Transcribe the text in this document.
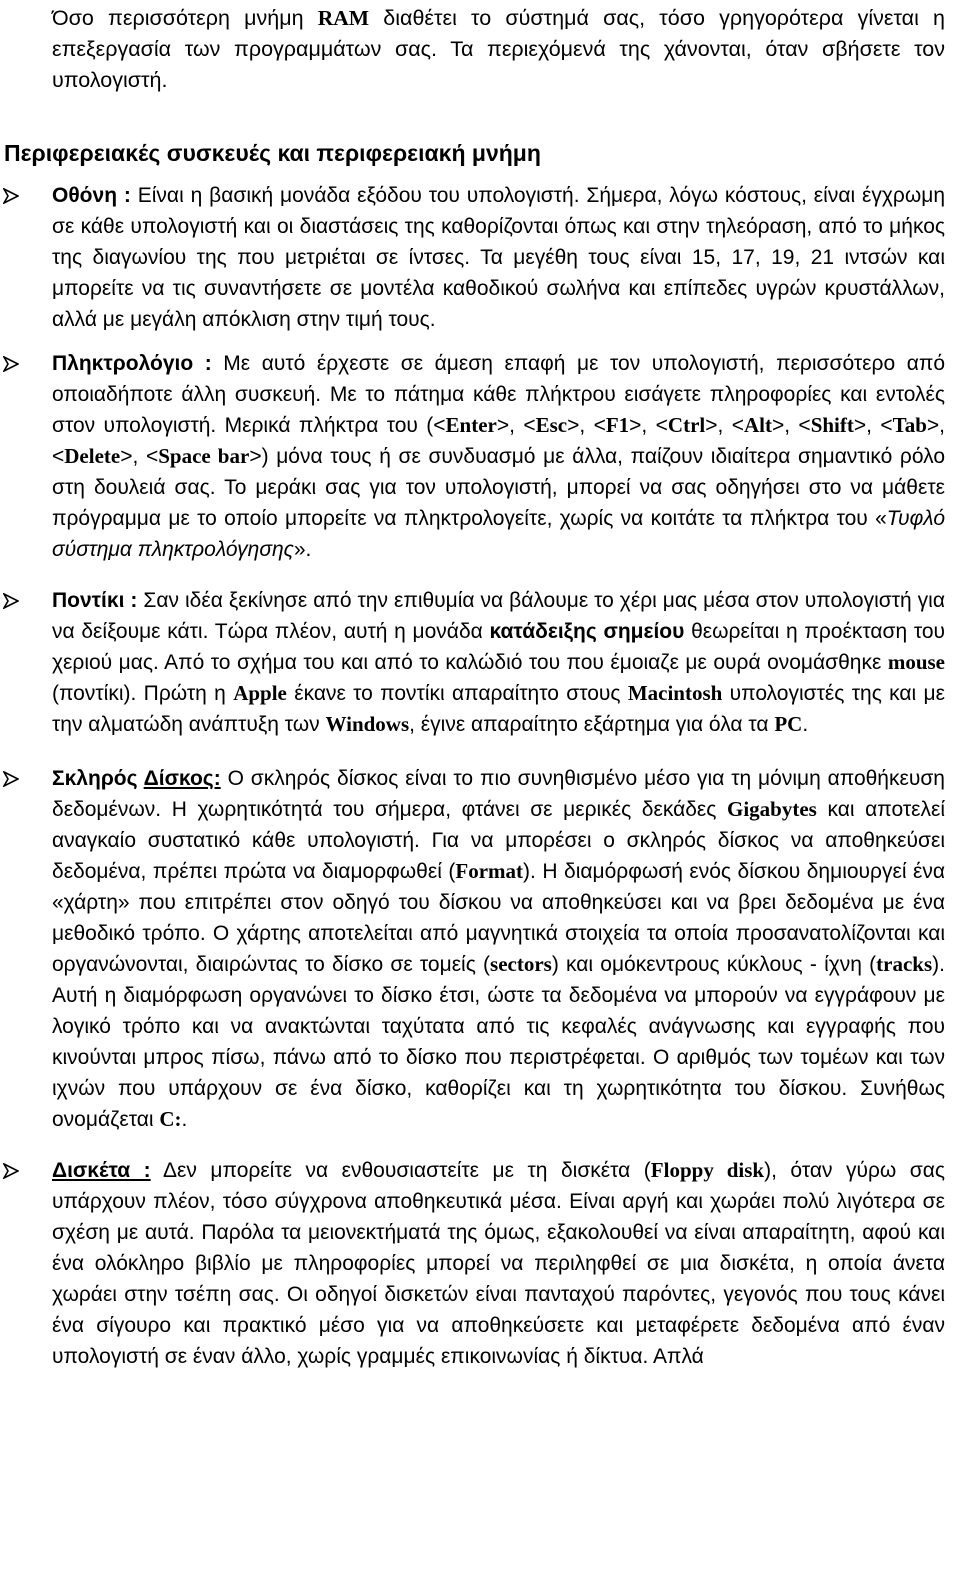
Όσο περισσότερη μνήμη RAM διαθέτει το σύστημά σας, τόσο γρηγορότερα γίνεται η επεξεργασία των προγραμμάτων σας. Τα περιεχόμενά της χάνονται, όταν σβήσετε τον υπολογιστή.

Περιφερειακές συσκευές και περιφερειακή μνήμη

Οθόνη : Είναι η βασική μονάδα εξόδου του υπολογιστή. Σήμερα, λόγω κόστους, είναι έγχρωμη σε κάθε υπολογιστή και οι διαστάσεις της καθορίζονται όπως και στην τηλεόραση, από το μήκος της διαγωνίου της που μετριέται σε ίντσες. Τα μεγέθη τους είναι 15, 17, 19, 21 ιντσών και μπορείτε να τις συναντήσετε σε μοντέλα καθοδικού σωλήνα και επίπεδες υγρών κρυστάλλων, αλλά με μεγάλη απόκλιση στην τιμή τους.
Πληκτρολόγιο : Με αυτό έρχεστε σε άμεση επαφή με τον υπολογιστή, περισσότερο από οποιαδήποτε άλλη συσκευή. Με το πάτημα κάθε πλήκτρου εισάγετε πληροφορίες και εντολές στον υπολογιστή. Μερικά πλήκτρα του (<Enter>, <Esc>, <F1>, <Ctrl>, <Alt>, <Shift>, <Tab>, <Delete>, <Space bar>) μόνα τους ή σε συνδυασμό με άλλα, παίζουν ιδιαίτερα σημαντικό ρόλο στη δουλειά σας. Το μεράκι σας για τον υπολογιστή, μπορεί να σας οδηγήσει στο να μάθετε πρόγραμμα με το οποίο μπορείτε να πληκτρολογείτε, χωρίς να κοιτάτε τα πλήκτρα του «Τυφλό σύστημα πληκτρολόγησης».
Ποντίκι : Σαν ιδέα ξεκίνησε από την επιθυμία να βάλουμε το χέρι μας μέσα στον υπολογιστή για να δείξουμε κάτι. Τώρα πλέον, αυτή η μονάδα κατάδειξης σημείου θεωρείται η προέκταση του χεριού μας. Από το σχήμα του και από το καλώδιό του που έμοιαζε με ουρά ονομάσθηκε mouse (ποντίκι). Πρώτη η Apple έκανε το ποντίκι απαραίτητο στους Macintosh υπολογιστές της και με την αλματώδη ανάπτυξη των Windows, έγινε απαραίτητο εξάρτημα για όλα τα PC.
Σκληρός Δίσκος: Ο σκληρός δίσκος είναι το πιο συνηθισμένο μέσο για τη μόνιμη αποθήκευση δεδομένων. Η χωρητικότητά του σήμερα, φτάνει σε μερικές δεκάδες Gigabytes και αποτελεί αναγκαίο συστατικό κάθε υπολογιστή. Για να μπορέσει ο σκληρός δίσκος να αποθηκεύσει δεδομένα, πρέπει πρώτα να διαμορφωθεί (Format). Η διαμόρφωσή ενός δίσκου δημιουργεί ένα «χάρτη» που επιτρέπει στον οδηγό του δίσκου να αποθηκεύσει και να βρει δεδομένα με ένα μεθοδικό τρόπο. Ο χάρτης αποτελείται από μαγνητικά στοιχεία τα οποία προσανατολίζονται και οργανώνονται, διαιρώντας το δίσκο σε τομείς (sectors) και ομόκεντρους κύκλους - ίχνη (tracks). Αυτή η διαμόρφωση οργανώνει το δίσκο έτσι, ώστε τα δεδομένα να μπορούν να εγγράφουν με λογικό τρόπο και να ανακτώνται ταχύτατα από τις κεφαλές ανάγνωσης και εγγραφής που κινούνται μπρος πίσω, πάνω από το δίσκο που περιστρέφεται. Ο αριθμός των τομέων και των ιχνών που υπάρχουν σε ένα δίσκο, καθορίζει και τη χωρητικότητα του δίσκου. Συνήθως ονομάζεται C:.
Δισκέτα : Δεν μπορείτε να ενθουσιαστείτε με τη δισκέτα (Floppy disk), όταν γύρω σας υπάρχουν πλέον, τόσο σύγχρονα αποθηκευτικά μέσα. Είναι αργή και χωράει πολύ λιγότερα σε σχέση με αυτά. Παρόλα τα μειονεκτήματά της όμως, εξακολουθεί να είναι απαραίτητη, αφού και ένα ολόκληρο βιβλίο με πληροφορίες μπορεί να περιληφθεί σε μια δισκέτα, η οποία άνετα χωράει στην τσέπη σας. Οι οδηγοί δισκετών είναι πανταχού παρόντες, γεγονός που τους κάνει ένα σίγουρο και πρακτικό μέσο για να αποθηκεύσετε και μεταφέρετε δεδομένα από έναν υπολογιστή σε έναν άλλο, χωρίς γραμμές επικοινωνίας ή δίκτυα. Απλά
